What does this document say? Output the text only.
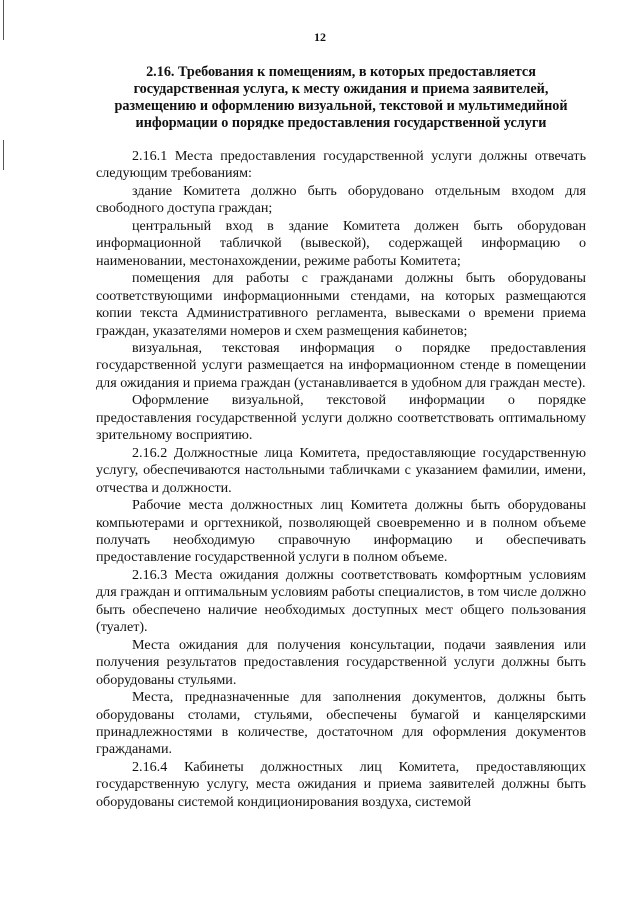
12
2.16. Требования к помещениям, в которых предоставляется государственная услуга, к месту ожидания и приема заявителей, размещению и оформлению визуальной, текстовой и мультимедийной информации о порядке предоставления государственной услуги

2.16.1 Места предоставления государственной услуги должны отвечать следующим требованиям:

здание Комитета должно быть оборудовано отдельным входом для свободного доступа граждан;

центральный вход в здание Комитета должен быть оборудован информационной табличкой (вывеской), содержащей информацию о наименовании, местонахождении, режиме работы Комитета;

помещения для работы с гражданами должны быть оборудованы соответствующими информационными стендами, на которых размещаются копии текста Административного регламента, вывесками о времени приема граждан, указателями номеров и схем размещения кабинетов;

визуальная, текстовая информация о порядке предоставления государственной услуги размещается на информационном стенде в помещении для ожидания и приема граждан (устанавливается в удобном для граждан месте).

Оформление визуальной, текстовой информации о порядке предоставления государственной услуги должно соответствовать оптимальному зрительному восприятию.

2.16.2 Должностные лица Комитета, предоставляющие государственную услугу, обеспечиваются настольными табличками с указанием фамилии, имени, отчества и должности.

Рабочие места должностных лиц Комитета должны быть оборудованы компьютерами и оргтехникой, позволяющей своевременно и в полном объеме получать необходимую справочную информацию и обеспечивать предоставление государственной услуги в полном объеме.

2.16.3 Места ожидания должны соответствовать комфортным условиям для граждан и оптимальным условиям работы специалистов, в том числе должно быть обеспечено наличие необходимых доступных мест общего пользования (туалет).

Места ожидания для получения консультации, подачи заявления или получения результатов предоставления государственной услуги должны быть оборудованы стульями.

Места, предназначенные для заполнения документов, должны быть оборудованы столами, стульями, обеспечены бумагой и канцелярскими принадлежностями в количестве, достаточном для оформления документов гражданами.

2.16.4 Кабинеты должностных лиц Комитета, предоставляющих государственную услугу, места ожидания и приема заявителей должны быть оборудованы системой кондиционирования воздуха, системой
